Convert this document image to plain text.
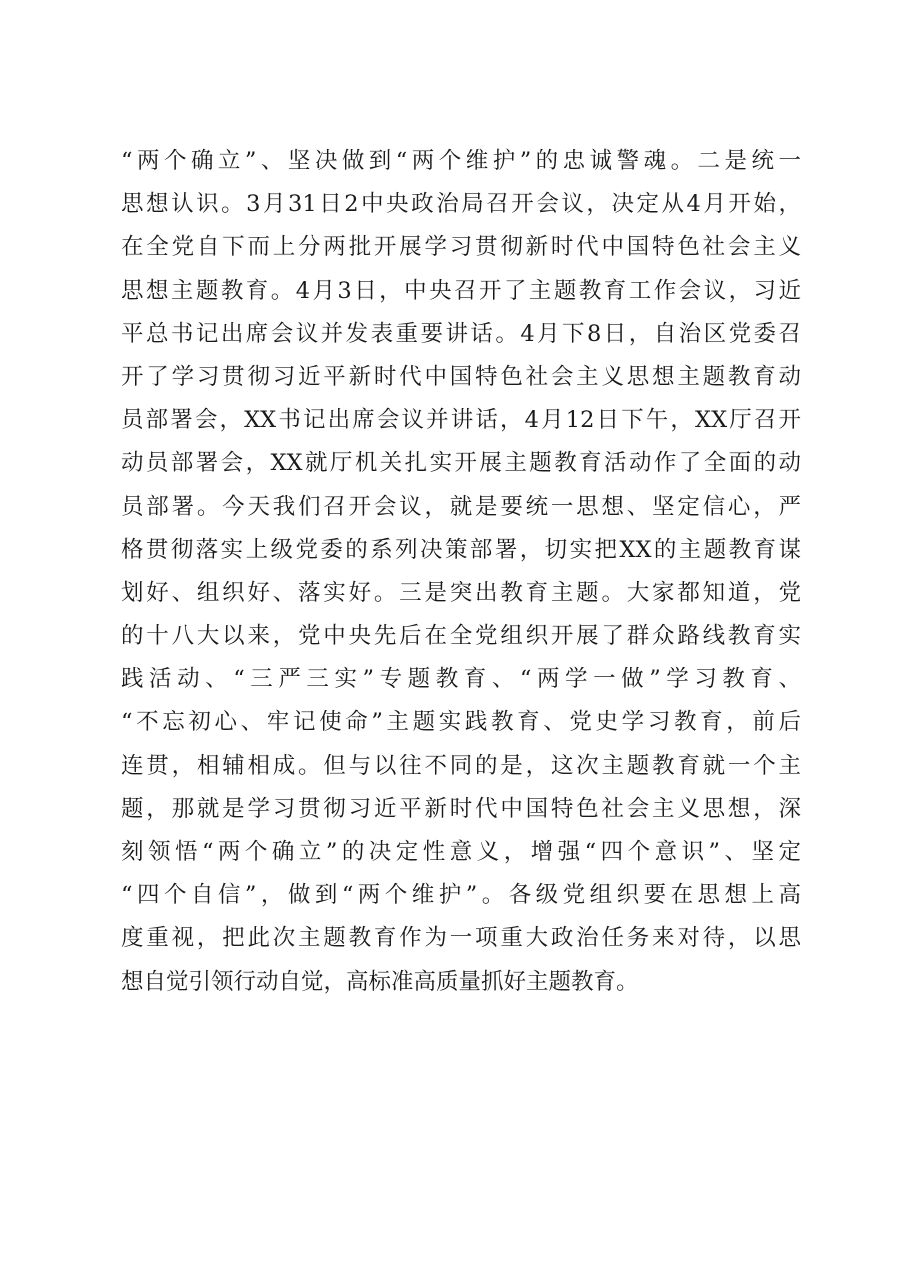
“两个确立”、坚决做到“两个维护”的忠诚警魂。二是统一
思想认识。3月31日2中央政治局召开会议，决定从4月开始，
在全党自下而上分两批开展学习贯彻新时代中国特色社会主义
思想主题教育。4月3日，中央召开了主题教育工作会议，习近
平总书记出席会议并发表重要讲话。4月下8日，自治区党委召
开了学习贯彻习近平新时代中国特色社会主义思想主题教育动
员部署会，XX书记出席会议并讲话，4月12日下午，XX厅召开
动员部署会，XX就厅机关扎实开展主题教育活动作了全面的动
员部署。今天我们召开会议，就是要统一思想、坚定信心，严
格贯彻落实上级党委的系列决策部署，切实把XX的主题教育谋
划好、组织好、落实好。三是突出教育主题。大家都知道，党
的十八大以来，党中央先后在全党组织开展了群众路线教育实
践活动、“三严三实”专题教育、“两学一做”学习教育、
“不忘初心、牢记使命”主题实践教育、党史学习教育，前后
连贯，相辅相成。但与以往不同的是，这次主题教育就一个主
题，那就是学习贯彻习近平新时代中国特色社会主义思想，深
刻领悟“两个确立”的决定性意义，增强“四个意识”、坚定
“四个自信”，做到“两个维护”。各级党组织要在思想上高
度重视，把此次主题教育作为一项重大政治任务来对待，以思
想自觉引领行动自觉，高标准高质量抓好主题教育。
